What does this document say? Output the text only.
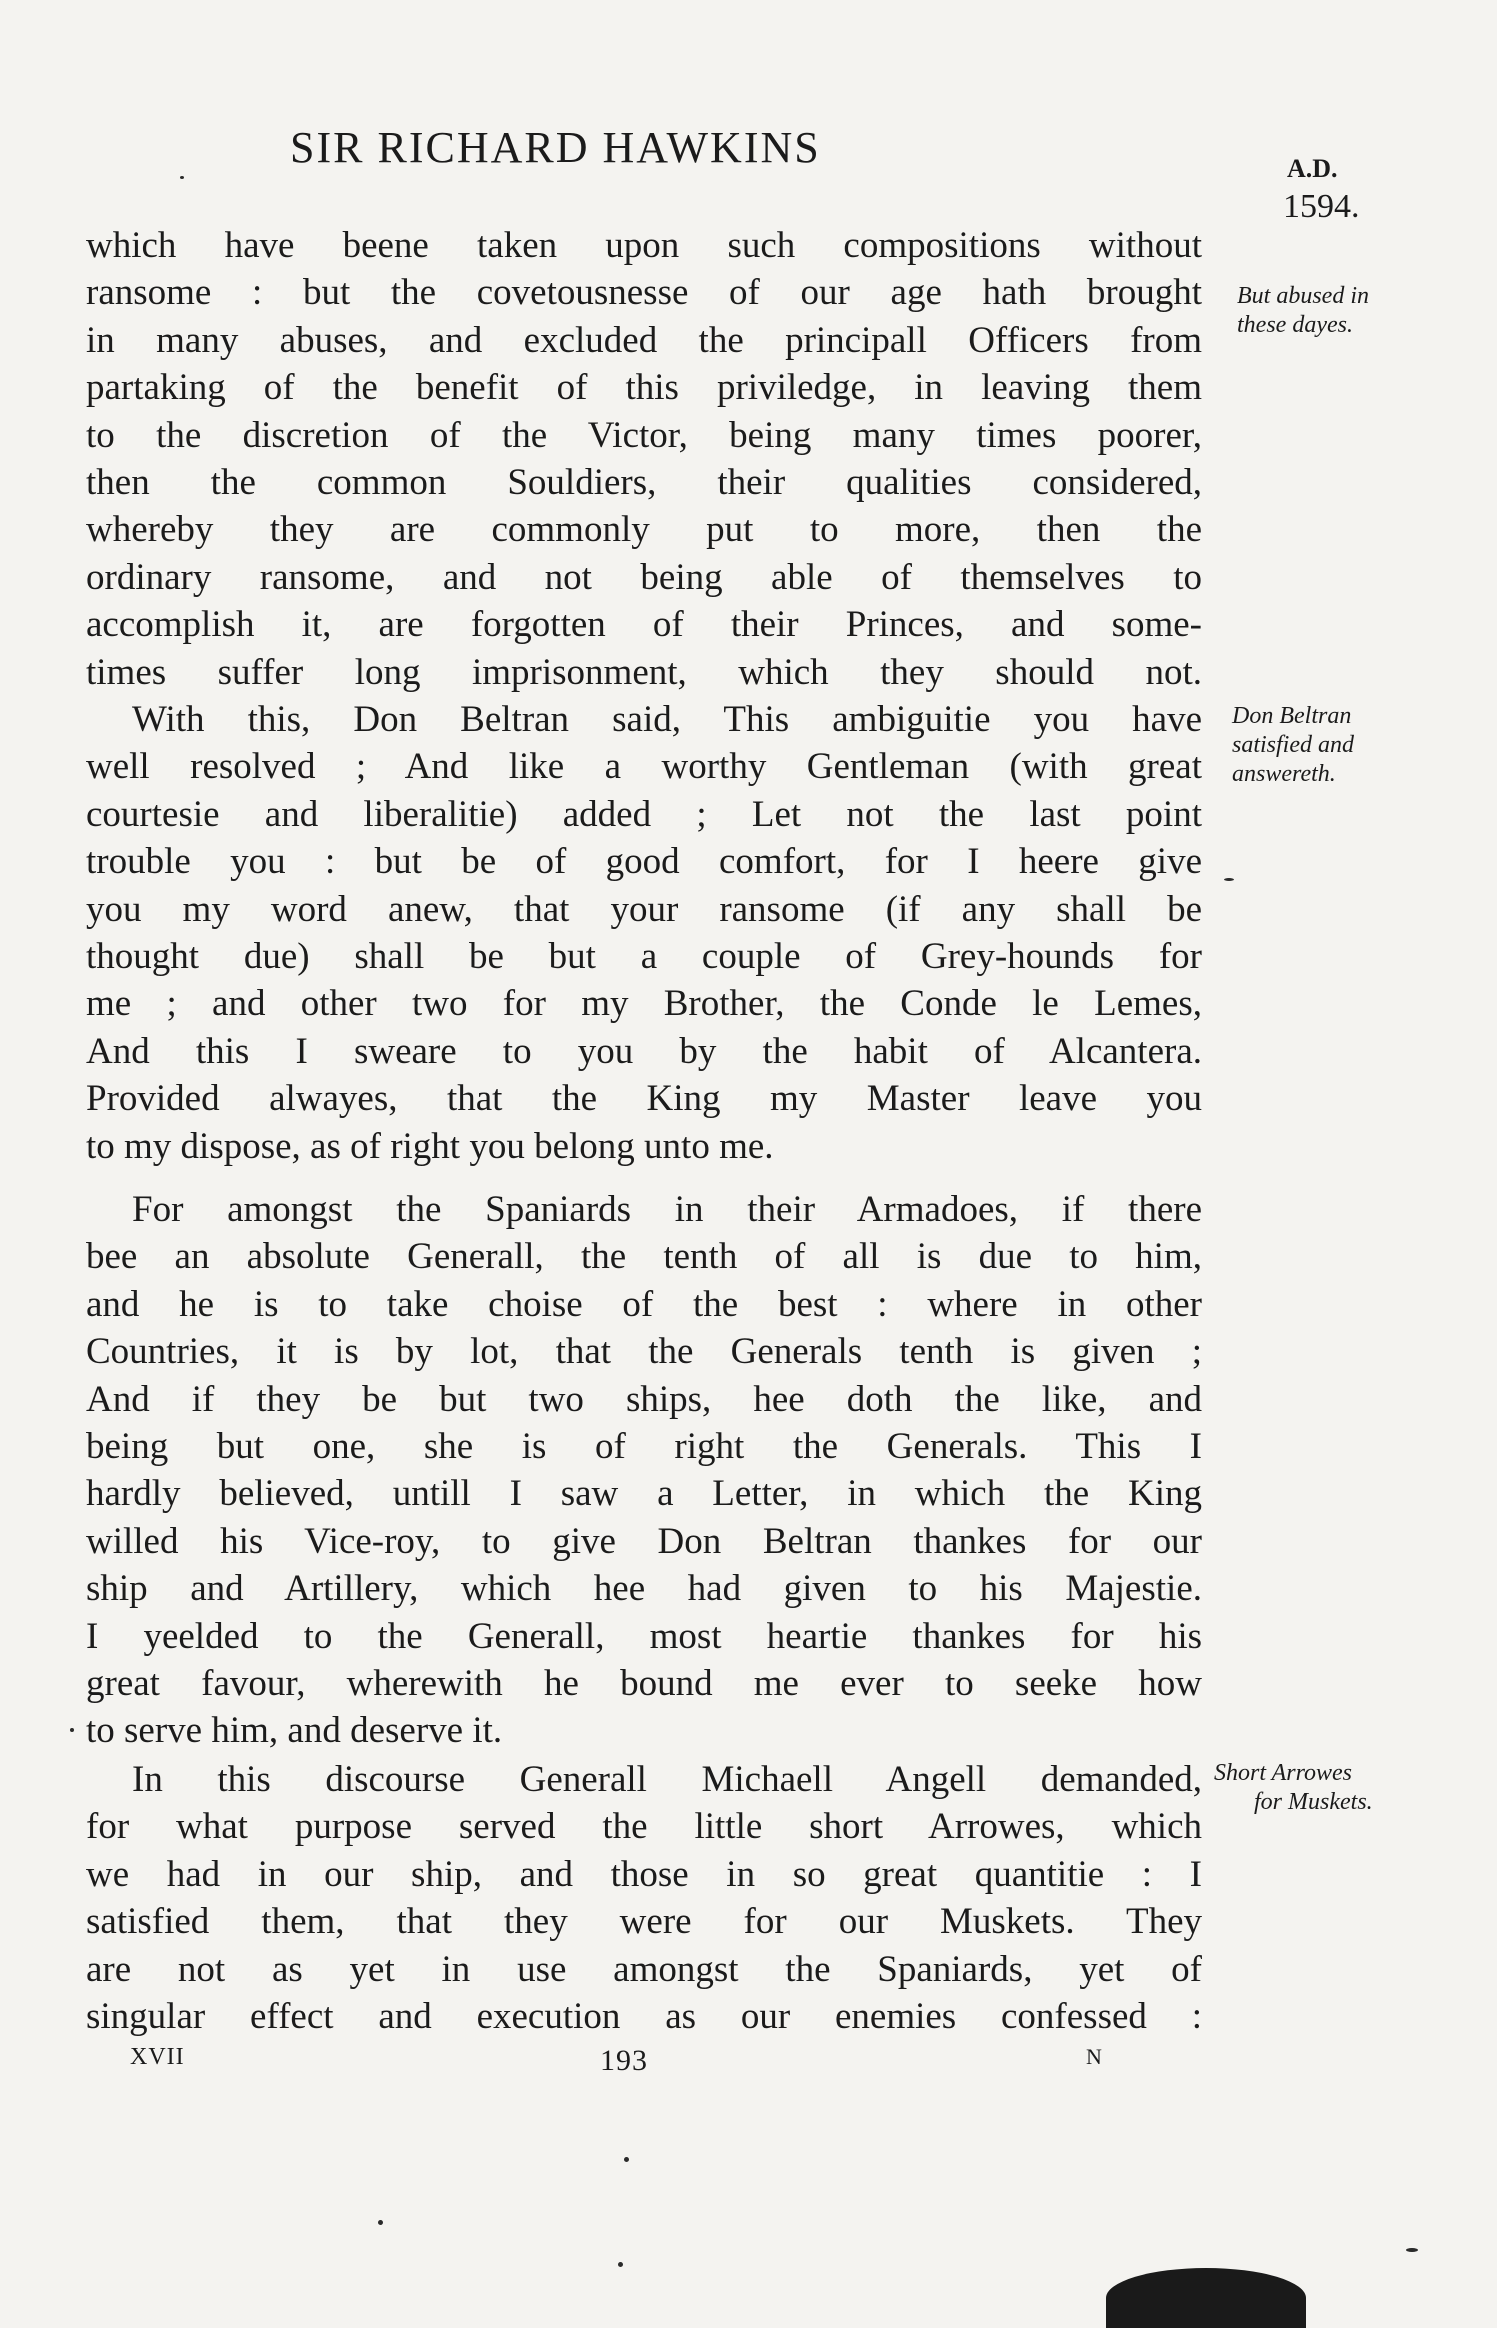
SIR RICHARD HAWKINS	A.D.
1594.
which have beene taken upon such compositions without
ransome : but the covetousnesse of our age hath brought
in many abuses, and excluded the principall Officers from
partaking of the benefit of this priviledge, in leaving them
to the discretion of the Victor, being many times poorer,
then the common Souldiers, their qualities considered,
whereby they are commonly put to more, then the
ordinary ransome, and not being able of themselves to
accomplish it, are forgotten of their Princes, and some-
times suffer long imprisonment, which they should not.
With this, Don Beltran said, This ambiguitie you have
well resolved ; And like a worthy Gentleman (with great
courtesie and liberalitie) added ; Let not the last point
trouble you : but be of good comfort, for I heere give
you my word anew, that your ransome (if any shall be
thought due) shall be but a couple of Grey-hounds for
me ; and other two for my Brother, the Conde le Lemes,
And this I sweare to you by the habit of Alcantera.
Provided alwayes, that the King my Master leave you
to my dispose, as of right you belong unto me.
For amongst the Spaniards in their Armadoes, if there
bee an absolute Generall, the tenth of all is due to him,
and he is to take choise of the best : where in other
Countries, it is by lot, that the Generals tenth is given ;
And if they be but two ships, hee doth the like, and
being but one, she is of right the Generals. This I
hardly believed, untill I saw a Letter, in which the King
willed his Vice-roy, to give Don Beltran thankes for our
ship and Artillery, which hee had given to his Majestie.
I yeelded to the Generall, most heartie thankes for his
great favour, wherewith he bound me ever to seeke how
to serve him, and deserve it.
In this discourse Generall Michaell Angell demanded,
for what purpose served the little short Arrowes, which
we had in our ship, and those in so great quantitie : I
satisfied them, that they were for our Muskets. They
are not as yet in use amongst the Spaniards, yet of
singular effect and execution as our enemies confessed :
But abused in
these dayes.
Don Beltran
satisfied and
answereth.
Short Arrowes
for Muskets.
XVII	193	N
